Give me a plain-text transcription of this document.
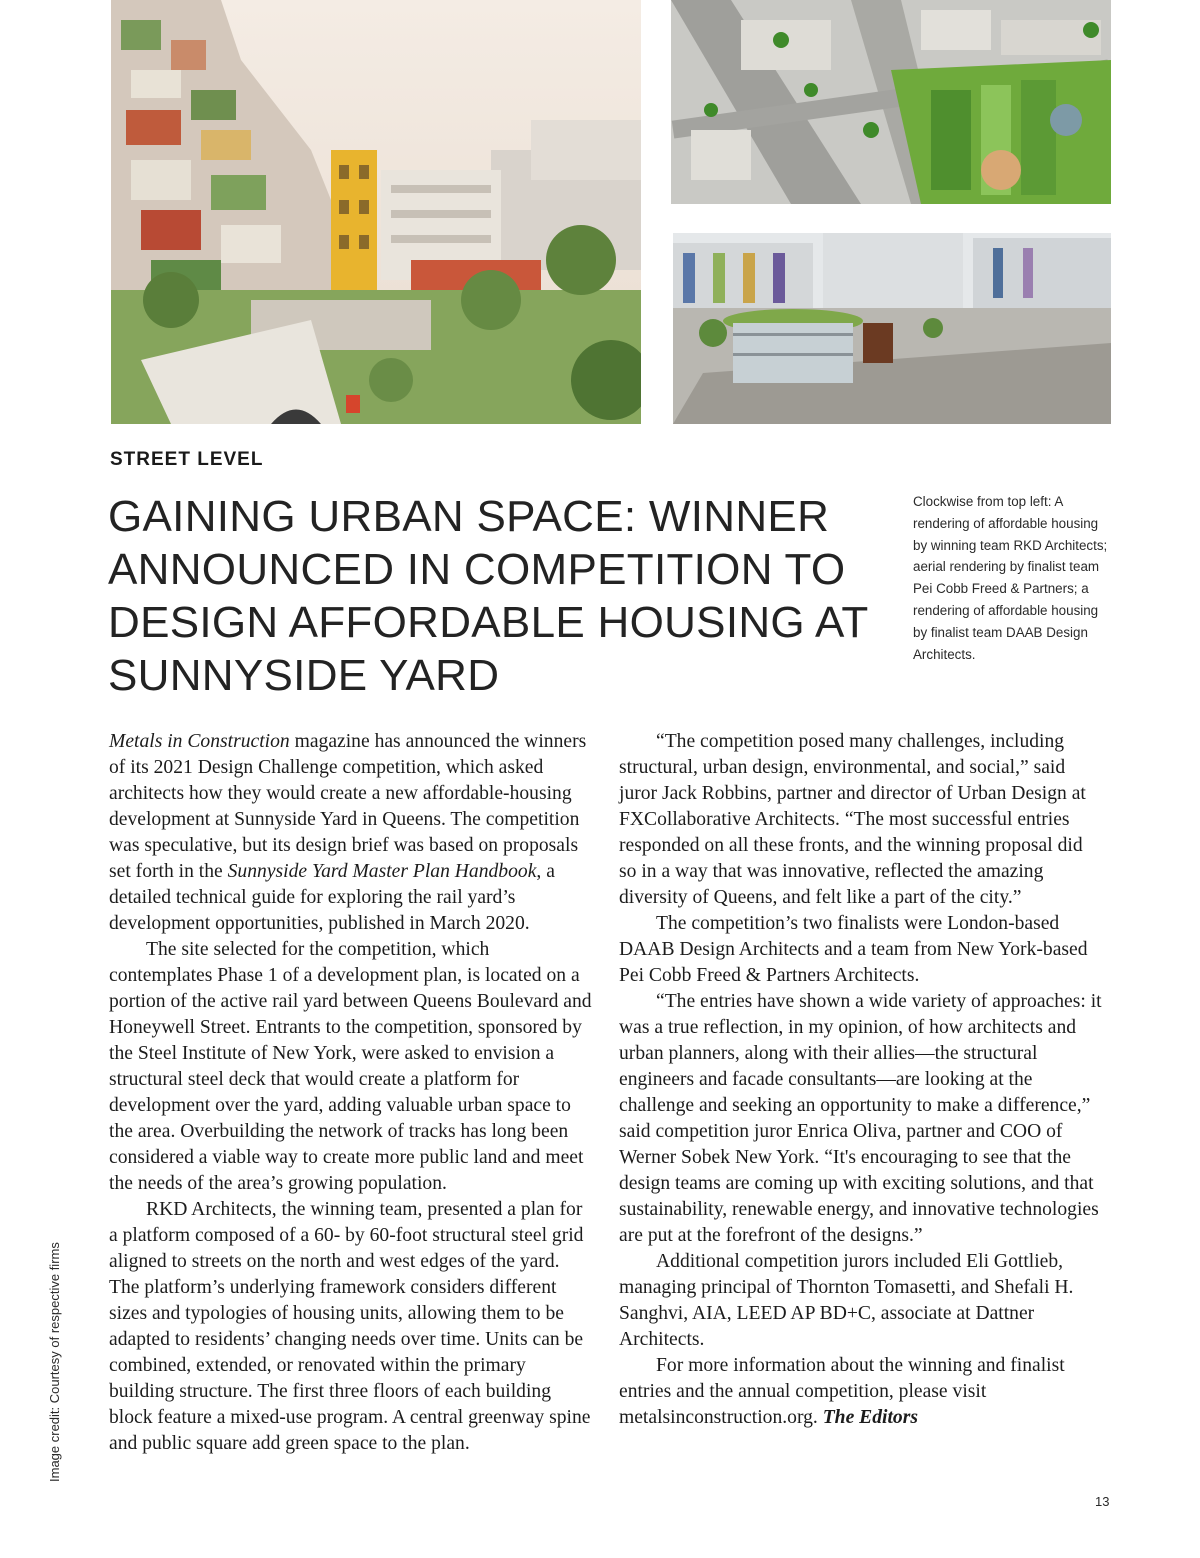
STREET LEVEL
GAINING URBAN SPACE: WINNER ANNOUNCED IN COMPETITION TO DESIGN AFFORDABLE HOUSING AT SUNNYSIDE YARD

Clockwise from top left: A rendering of affordable housing by winning team RKD Architects; aerial rendering by finalist team Pei Cobb Freed & Partners; a rendering of affordable housing by finalist team DAAB Design Architects.

Metals in Construction magazine has announced the winners of its 2021 Design Challenge competition, which asked architects how they would create a new affordable-housing development at Sunnyside Yard in Queens. The competition was speculative, but its design brief was based on proposals set forth in the Sunnyside Yard Master Plan Handbook, a detailed technical guide for exploring the rail yard’s development opportunities, published in March 2020.

The site selected for the competition, which contemplates Phase 1 of a development plan, is located on a portion of the active rail yard between Queens Boulevard and Honeywell Street. Entrants to the competition, sponsored by the Steel Institute of New York, were asked to envision a structural steel deck that would create a platform for development over the yard, adding valuable urban space to the area. Overbuilding the network of tracks has long been considered a viable way to create more public land and meet the needs of the area’s growing population.

RKD Architects, the winning team, presented a plan for a platform composed of a 60- by 60-foot structural steel grid aligned to streets on the north and west edges of the yard. The platform’s underlying framework considers different sizes and typologies of housing units, allowing them to be adapted to residents’ changing needs over time. Units can be combined, extended, or renovated within the primary building structure. The first three floors of each building block feature a mixed-use program. A central greenway spine and public square add green space to the plan.

“The competition posed many challenges, including structural, urban design, environmental, and social,” said juror Jack Robbins, partner and director of Urban Design at FXCollaborative Architects. “The most successful entries responded on all these fronts, and the winning proposal did so in a way that was innovative, reflected the amazing diversity of Queens, and felt like a part of the city.”

The competition’s two finalists were London-based DAAB Design Architects and a team from New York-based Pei Cobb Freed & Partners Architects.

“The entries have shown a wide variety of approaches: it was a true reflection, in my opinion, of how architects and urban planners, along with their allies—the structural engineers and facade consultants—are looking at the challenge and seeking an opportunity to make a difference,” said competition juror Enrica Oliva, partner and COO of Werner Sobek New York. “It's encouraging to see that the design teams are coming up with exciting solutions, and that sustainability, renewable energy, and innovative technologies are put at the forefront of the designs.”

Additional competition jurors included Eli Gottlieb, managing principal of Thornton Tomasetti, and Shefali H. Sanghvi, AIA, LEED AP BD+C, associate at Dattner Architects.

For more information about the winning and finalist entries and the annual competition, please visit metalsinconstruction.org. The Editors

Image credit: Courtesy of respective firms
13
